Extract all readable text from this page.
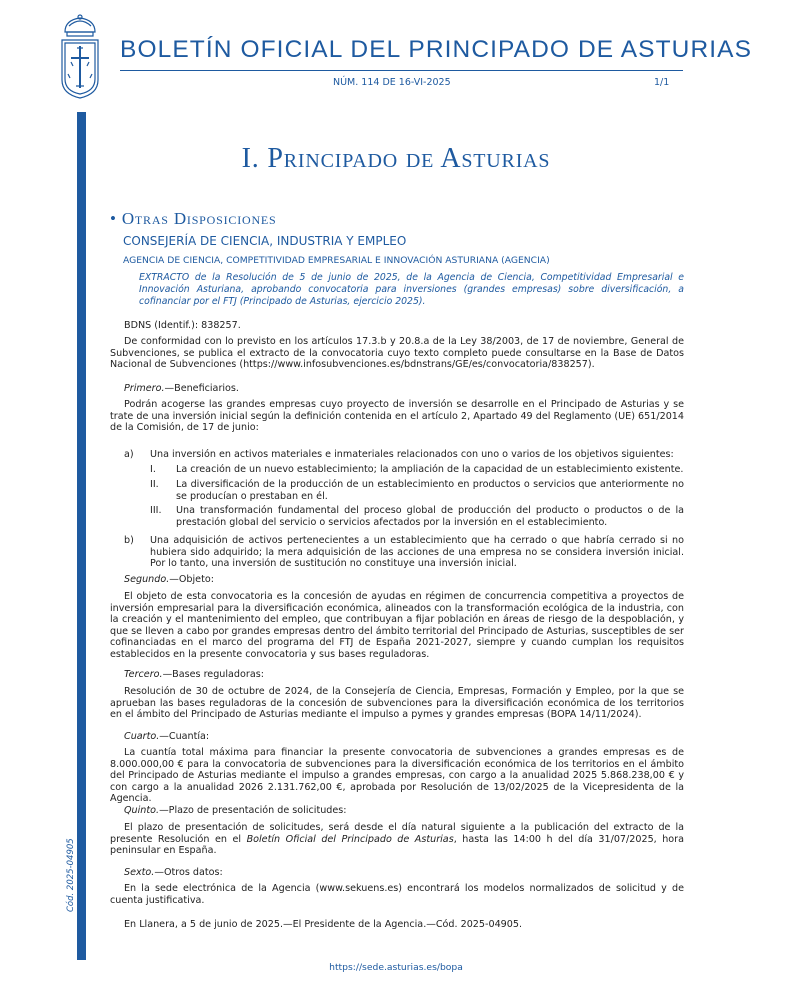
BOLETÍN OFICIAL DEL PRINCIPADO DE ASTURIAS
NÚM. 114 DE 16-VI-2025	1/1
Cód. 2025-04905
I. Principado de Asturias
• Otras Disposiciones
CONSEJERÍA DE CIENCIA, INDUSTRIA Y EMPLEO
AGENCIA DE CIENCIA, COMPETITIVIDAD EMPRESARIAL E INNOVACIÓN ASTURIANA (AGENCIA)
EXTRACTO de la Resolución de 5 de junio de 2025, de la Agencia de Ciencia, Competitividad Empresarial e Innovación Asturiana, aprobando convocatoria para inversiones (grandes empresas) sobre diversificación, a cofinanciar por el FTJ (Principado de Asturias, ejercicio 2025).
BDNS (Identif.): 838257.
De conformidad con lo previsto en los artículos 17.3.b y 20.8.a de la Ley 38/2003, de 17 de noviembre, General de Subvenciones, se publica el extracto de la convocatoria cuyo texto completo puede consultarse en la Base de Datos Nacional de Subvenciones (https://www.infosubvenciones.es/bdnstrans/GE/es/convocatoria/838257).
Primero.—Beneficiarios.
Podrán acogerse las grandes empresas cuyo proyecto de inversión se desarrolle en el Principado de Asturias y se trate de una inversión inicial según la definición contenida en el artículo 2, Apartado 49 del Reglamento (UE) 651/2014 de la Comisión, de 17 de junio:
a) Una inversión en activos materiales e inmateriales relacionados con uno o varios de los objetivos siguientes:
I. La creación de un nuevo establecimiento; la ampliación de la capacidad de un establecimiento existente.
II. La diversificación de la producción de un establecimiento en productos o servicios que anteriormente no se producían o prestaban en él.
III. Una transformación fundamental del proceso global de producción del producto o productos o de la prestación global del servicio o servicios afectados por la inversión en el establecimiento.
b) Una adquisición de activos pertenecientes a un establecimiento que ha cerrado o que habría cerrado si no hubiera sido adquirido; la mera adquisición de las acciones de una empresa no se considera inversión inicial. Por lo tanto, una inversión de sustitución no constituye una inversión inicial.
Segundo.—Objeto:
El objeto de esta convocatoria es la concesión de ayudas en régimen de concurrencia competitiva a proyectos de inversión empresarial para la diversificación económica, alineados con la transformación ecológica de la industria, con la creación y el mantenimiento del empleo, que contribuyan a fijar población en áreas de riesgo de la despoblación, y que se lleven a cabo por grandes empresas dentro del ámbito territorial del Principado de Asturias, susceptibles de ser cofinanciadas en el marco del programa del FTJ de España 2021-2027, siempre y cuando cumplan los requisitos establecidos en la presente convocatoria y sus bases reguladoras.
Tercero.—Bases reguladoras:
Resolución de 30 de octubre de 2024, de la Consejería de Ciencia, Empresas, Formación y Empleo, por la que se aprueban las bases reguladoras de la concesión de subvenciones para la diversificación económica de los territorios en el ámbito del Principado de Asturias mediante el impulso a pymes y grandes empresas (BOPA 14/11/2024).
Cuarto.—Cuantía:
La cuantía total máxima para financiar la presente convocatoria de subvenciones a grandes empresas es de 8.000.000,00 € para la convocatoria de subvenciones para la diversificación económica de los territorios en el ámbito del Principado de Asturias mediante el impulso a grandes empresas, con cargo a la anualidad 2025 5.868.238,00 € y con cargo a la anualidad 2026 2.131.762,00 €, aprobada por Resolución de 13/02/2025 de la Vicepresidenta de la Agencia.
Quinto.—Plazo de presentación de solicitudes:
El plazo de presentación de solicitudes, será desde el día natural siguiente a la publicación del extracto de la presente Resolución en el Boletín Oficial del Principado de Asturias, hasta las 14:00 h del día 31/07/2025, hora peninsular en España.
Sexto.—Otros datos:
En la sede electrónica de la Agencia (www.sekuens.es) encontrará los modelos normalizados de solicitud y de cuenta justificativa.
En Llanera, a 5 de junio de 2025.—El Presidente de la Agencia.—Cód. 2025-04905.
https://sede.asturias.es/bopa
